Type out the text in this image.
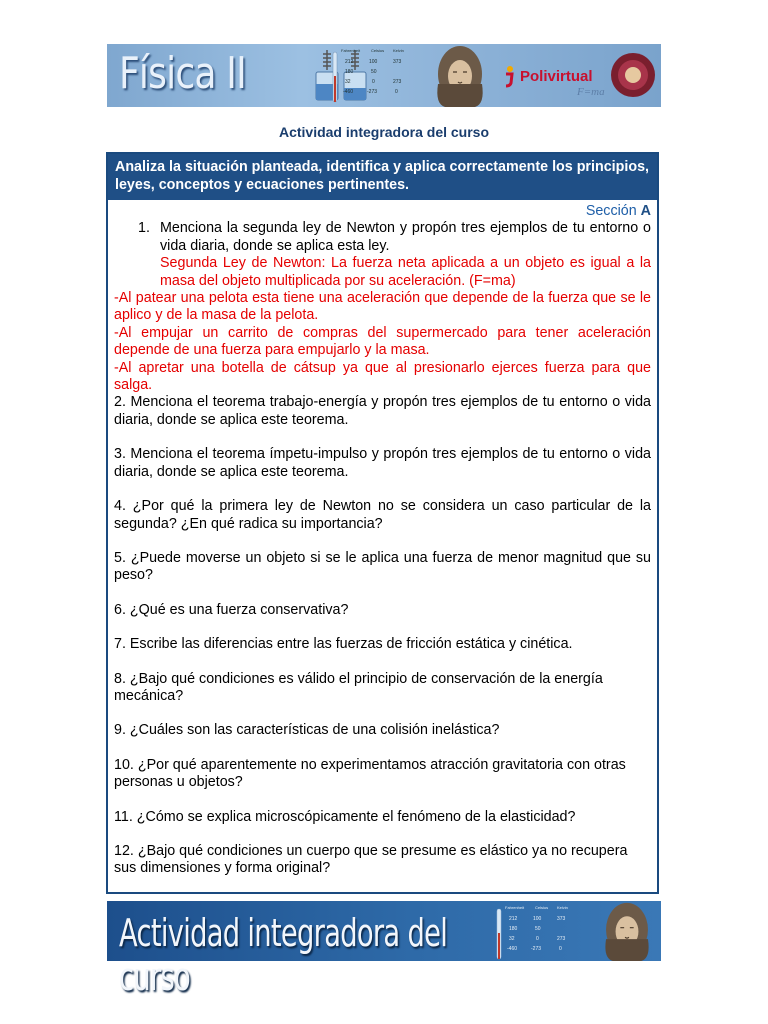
Física II	Fahrenheit	Celsius Kelvin
212	100	373
180	50
32	0	273
-460	-273	0
Polivirtual
F=ma
Actividad integradora del curso
Analiza la situación planteada, identifica y aplica correctamente los principios, leyes, conceptos y ecuaciones pertinentes.
Sección A
1. Menciona la segunda ley de Newton y propón tres ejemplos de tu entorno o vida diaria, donde se aplica esta ley.

Segunda Ley de Newton: La fuerza neta aplicada a un objeto es igual a la masa del objeto multiplicada por su aceleración. (F=ma)

-Al patear una pelota esta tiene una aceleración que depende de la fuerza que se le aplico y de la masa de la pelota.

-Al empujar un carrito de compras del supermercado para tener aceleración depende de una fuerza para empujarlo y la masa.

-Al apretar una botella de cátsup ya que al presionarlo ejerces fuerza para que salga.

2. Menciona el teorema trabajo-energía y propón tres ejemplos de tu entorno o vida diaria, donde se aplica este teorema.

3. Menciona el teorema ímpetu-impulso y propón tres ejemplos de tu entorno o vida diaria, donde se aplica este teorema.

4. ¿Por qué la primera ley de Newton no se considera un caso particular de la segunda? ¿En qué radica su importancia?

5. ¿Puede moverse un objeto si se le aplica una fuerza de menor magnitud que su peso?

6. ¿Qué es una fuerza conservativa?

7. Escribe las diferencias entre las fuerzas de fricción estática y cinética.

8. ¿Bajo qué condiciones es válido el principio de conservación de la energía mecánica?

9. ¿Cuáles son las características de una colisión inelástica?

10. ¿Por qué aparentemente no experimentamos atracción gravitatoria con otras personas u objetos?

11. ¿Cómo se explica microscópicamente el fenómeno de la elasticidad?

12. ¿Bajo qué condiciones un cuerpo que se presume es elástico ya no recupera sus dimensiones y forma original?

Actividad integradora del curso
Fahrenheit	Celsius Kelvin
212	100	373
180	50
32	0	273
-460	-273	0
